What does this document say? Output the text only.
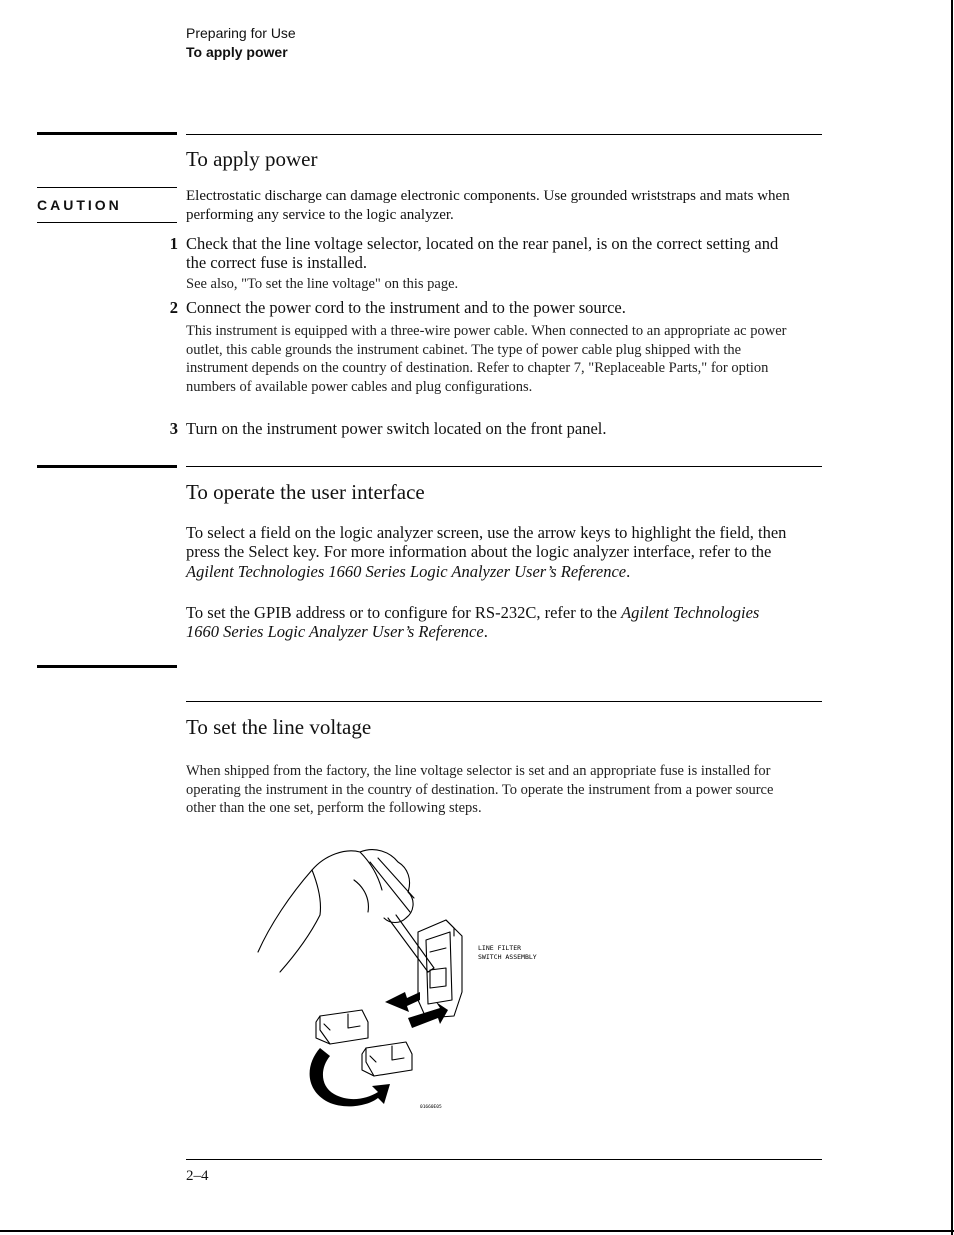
Preparing for Use
To apply power
To apply power
CAUTION
Electrostatic discharge can damage electronic components. Use grounded wriststraps and mats when performing any service to the logic analyzer.
1 Check that the line voltage selector, located on the rear panel, is on the correct setting and the correct fuse is installed.
See also, "To set the line voltage" on this page.
2 Connect the power cord to the instrument and to the power source.
This instrument is equipped with a three-wire power cable. When connected to an appropriate ac power outlet, this cable grounds the instrument cabinet. The type of power cable plug shipped with the instrument depends on the country of destination. Refer to chapter 7, "Replaceable Parts," for option numbers of available power cables and plug configurations.
3 Turn on the instrument power switch located on the front panel.
To operate the user interface
To select a field on the logic analyzer screen, use the arrow keys to highlight the field, then press the Select key. For more information about the logic analyzer interface, refer to the Agilent Technologies 1660 Series Logic Analyzer User’s Reference.
To set the GPIB address or to configure for RS-232C, refer to the Agilent Technologies 1660 Series Logic Analyzer User’s Reference.
To set the line voltage
When shipped from the factory, the line voltage selector is set and an appropriate fuse is installed for operating the instrument in the country of destination. To operate the instrument from a power source other than the one set, perform the following steps.
LINE FILTER
SWITCH ASSEMBLY
01660E05
2–4
